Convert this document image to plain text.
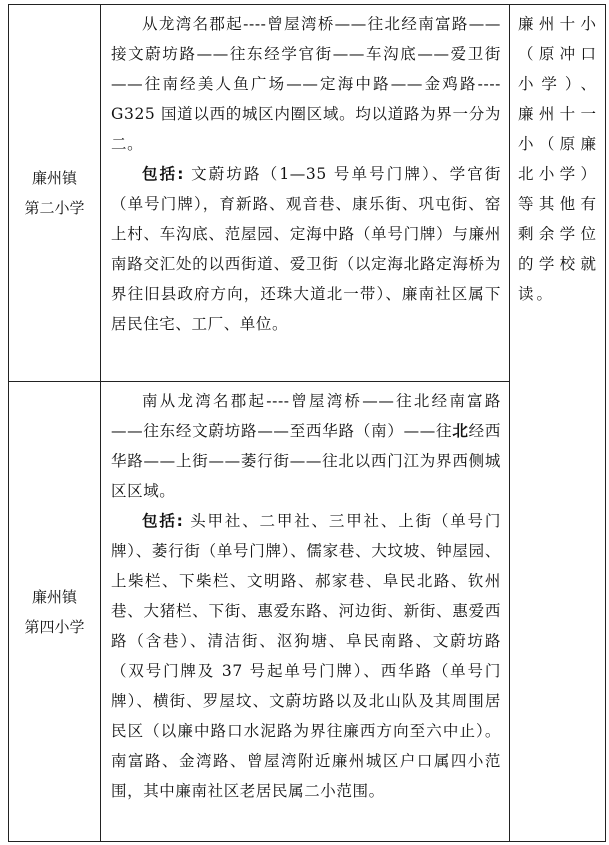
廉州镇
第二小学

从龙湾名郡起----曾屋湾桥——往北经南富路——接文蔚坊路——往东经学官街——车沟底——爱卫街——往南经美人鱼广场——定海中路——金鸡路----G325 国道以西的城区内圈区域。均以道路为界一分为二。

包括: 文蔚坊路（1—35 号单号门牌）、学官街（单号门牌），育新路、观音巷、康乐街、巩屯街、窑上村、车沟底、范屋园、定海中路（单号门牌）与廉州南路交汇处的以西街道、爱卫街（以定海北路定海桥为界往旧县政府方向，还珠大道北一带）、廉南社区属下居民住宅、工厂、单位。

廉州镇
第四小学

南从龙湾名郡起----曾屋湾桥——往北经南富路——往东经文蔚坊路——至西华路（南）——往北经西华路——上街——萎行街——往北以西门江为界西侧城区区域。

包括: 头甲社、二甲社、三甲社、上街（单号门牌）、萎行街（单号门牌）、儒家巷、大坟坡、钟屋园、上柴栏、下柴栏、文明路、郝家巷、阜民北路、钦州巷、大猪栏、下街、惠爱东路、河边街、新街、惠爱西路（含巷）、清洁街、沤狗塘、阜民南路、文蔚坊路（双号门牌及 37 号起单号门牌）、西华路（单号门牌）、横街、罗屋坟、文蔚坊路以及北山队及其周围居民区（以廉中路口水泥路为界往廉西方向至六中止）。南富路、金湾路、曾屋湾附近廉州城区户口属四小范围，其中廉南社区老居民属二小范围。

廉州十小（原冲口小学）、廉州十一小（原廉北小学）等其他有剩余学位的学校就读。
